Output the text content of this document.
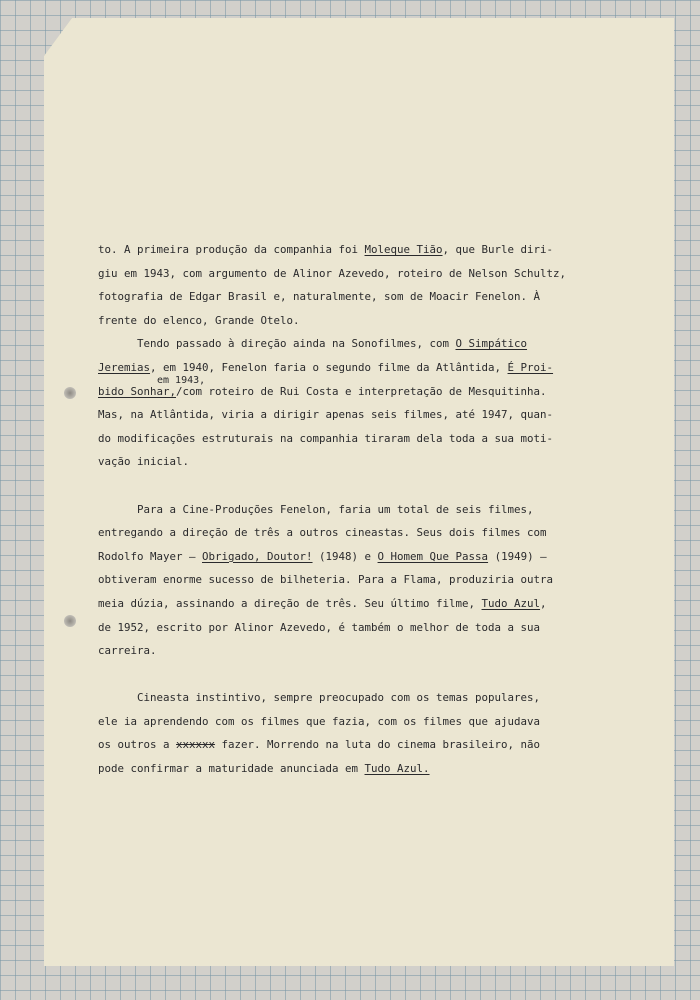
to. A primeira produção da companhia foi Moleque Tião, que Burle diri-
giu em 1943, com argumento de Alinor Azevedo, roteiro de Nelson Schultz,
fotografia de Edgar Brasil e, naturalmente, som de Moacir Fenelon. À
frente do elenco, Grande Otelo.
Tendo passado à direção ainda na Sonofilmes, com O Simpático
Jeremias, em 1940, Fenelon faria o segundo filme da Atlântida, É Proi-
em 1943,
bido Sonhar,/com roteiro de Rui Costa e interpretação de Mesquitinha.
Mas, na Atlântida, viria a dirigir apenas seis filmes, até 1947, quan-
do modificações estruturais na companhia tiraram dela toda a sua moti-
vação inicial.
Para a Cine-Produções Fenelon, faria um total de seis filmes,
entregando a direção de três a outros cineastas. Seus dois filmes com
Rodolfo Mayer — Obrigado, Doutor! (1948) e O Homem Que Passa (1949) —
obtiveram enorme sucesso de bilheteria. Para a Flama, produziria outra
meia dúzia, assinando a direção de três. Seu último filme, Tudo Azul,
de 1952, escrito por Alinor Azevedo, é também o melhor de toda a sua
carreira.
Cineasta instintivo, sempre preocupado com os temas populares,
ele ia aprendendo com os filmes que fazia, com os filmes que ajudava
os outros a xxxxxx fazer. Morrendo na luta do cinema brasileiro, não
pode confirmar a maturidade anunciada em Tudo Azul.
